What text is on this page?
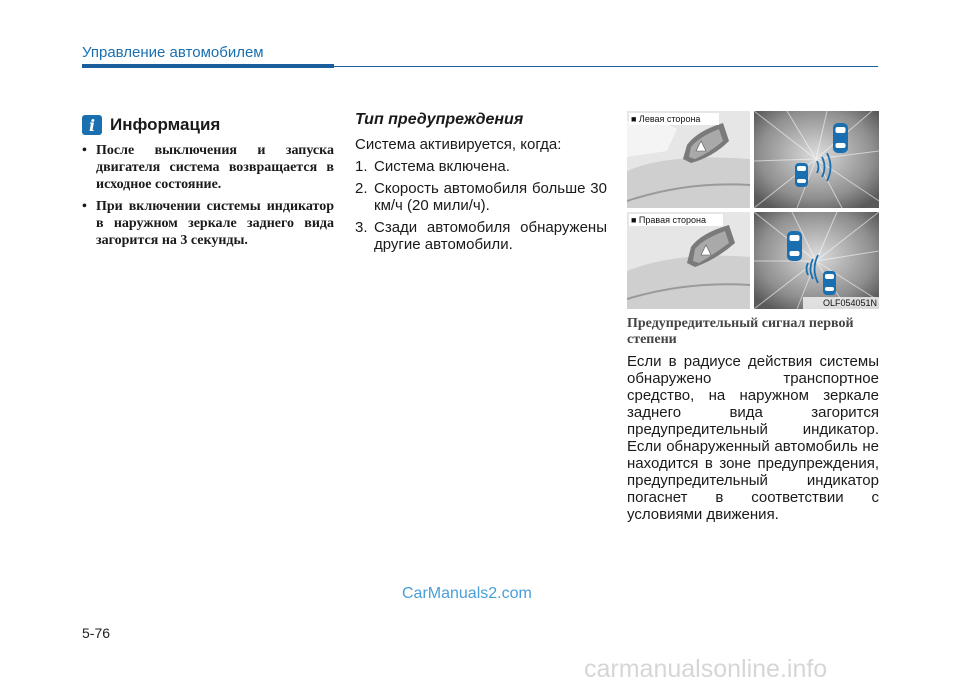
Управление автомобилем
i Информация
• После выключения и запуска двигателя система возвращается в исходное состояние.
• При включении системы индикатор в наружном зеркале заднего вида загорится на 3 секунды.
Тип предупреждения
Система активируется, когда:
1. Система включена.
2. Скорость автомобиля больше 30 км/ч (20 мили/ч).
3. Сзади автомобиля обнаружены другие автомобили.
■ Левая сторона
■ Правая сторона
OLF054051N
Предупредительный сигнал первой степени
Если в радиусе действия системы обнаружено транспортное средство, на наружном зеркале заднего вида загорится предупредительный индикатор. Если обнаруженный автомобиль не находится в зоне предупреждения, предупредительный индикатор погаснет в соответствии с условиями движения.
CarManuals2.com
5-76
carmanualsonline.info
